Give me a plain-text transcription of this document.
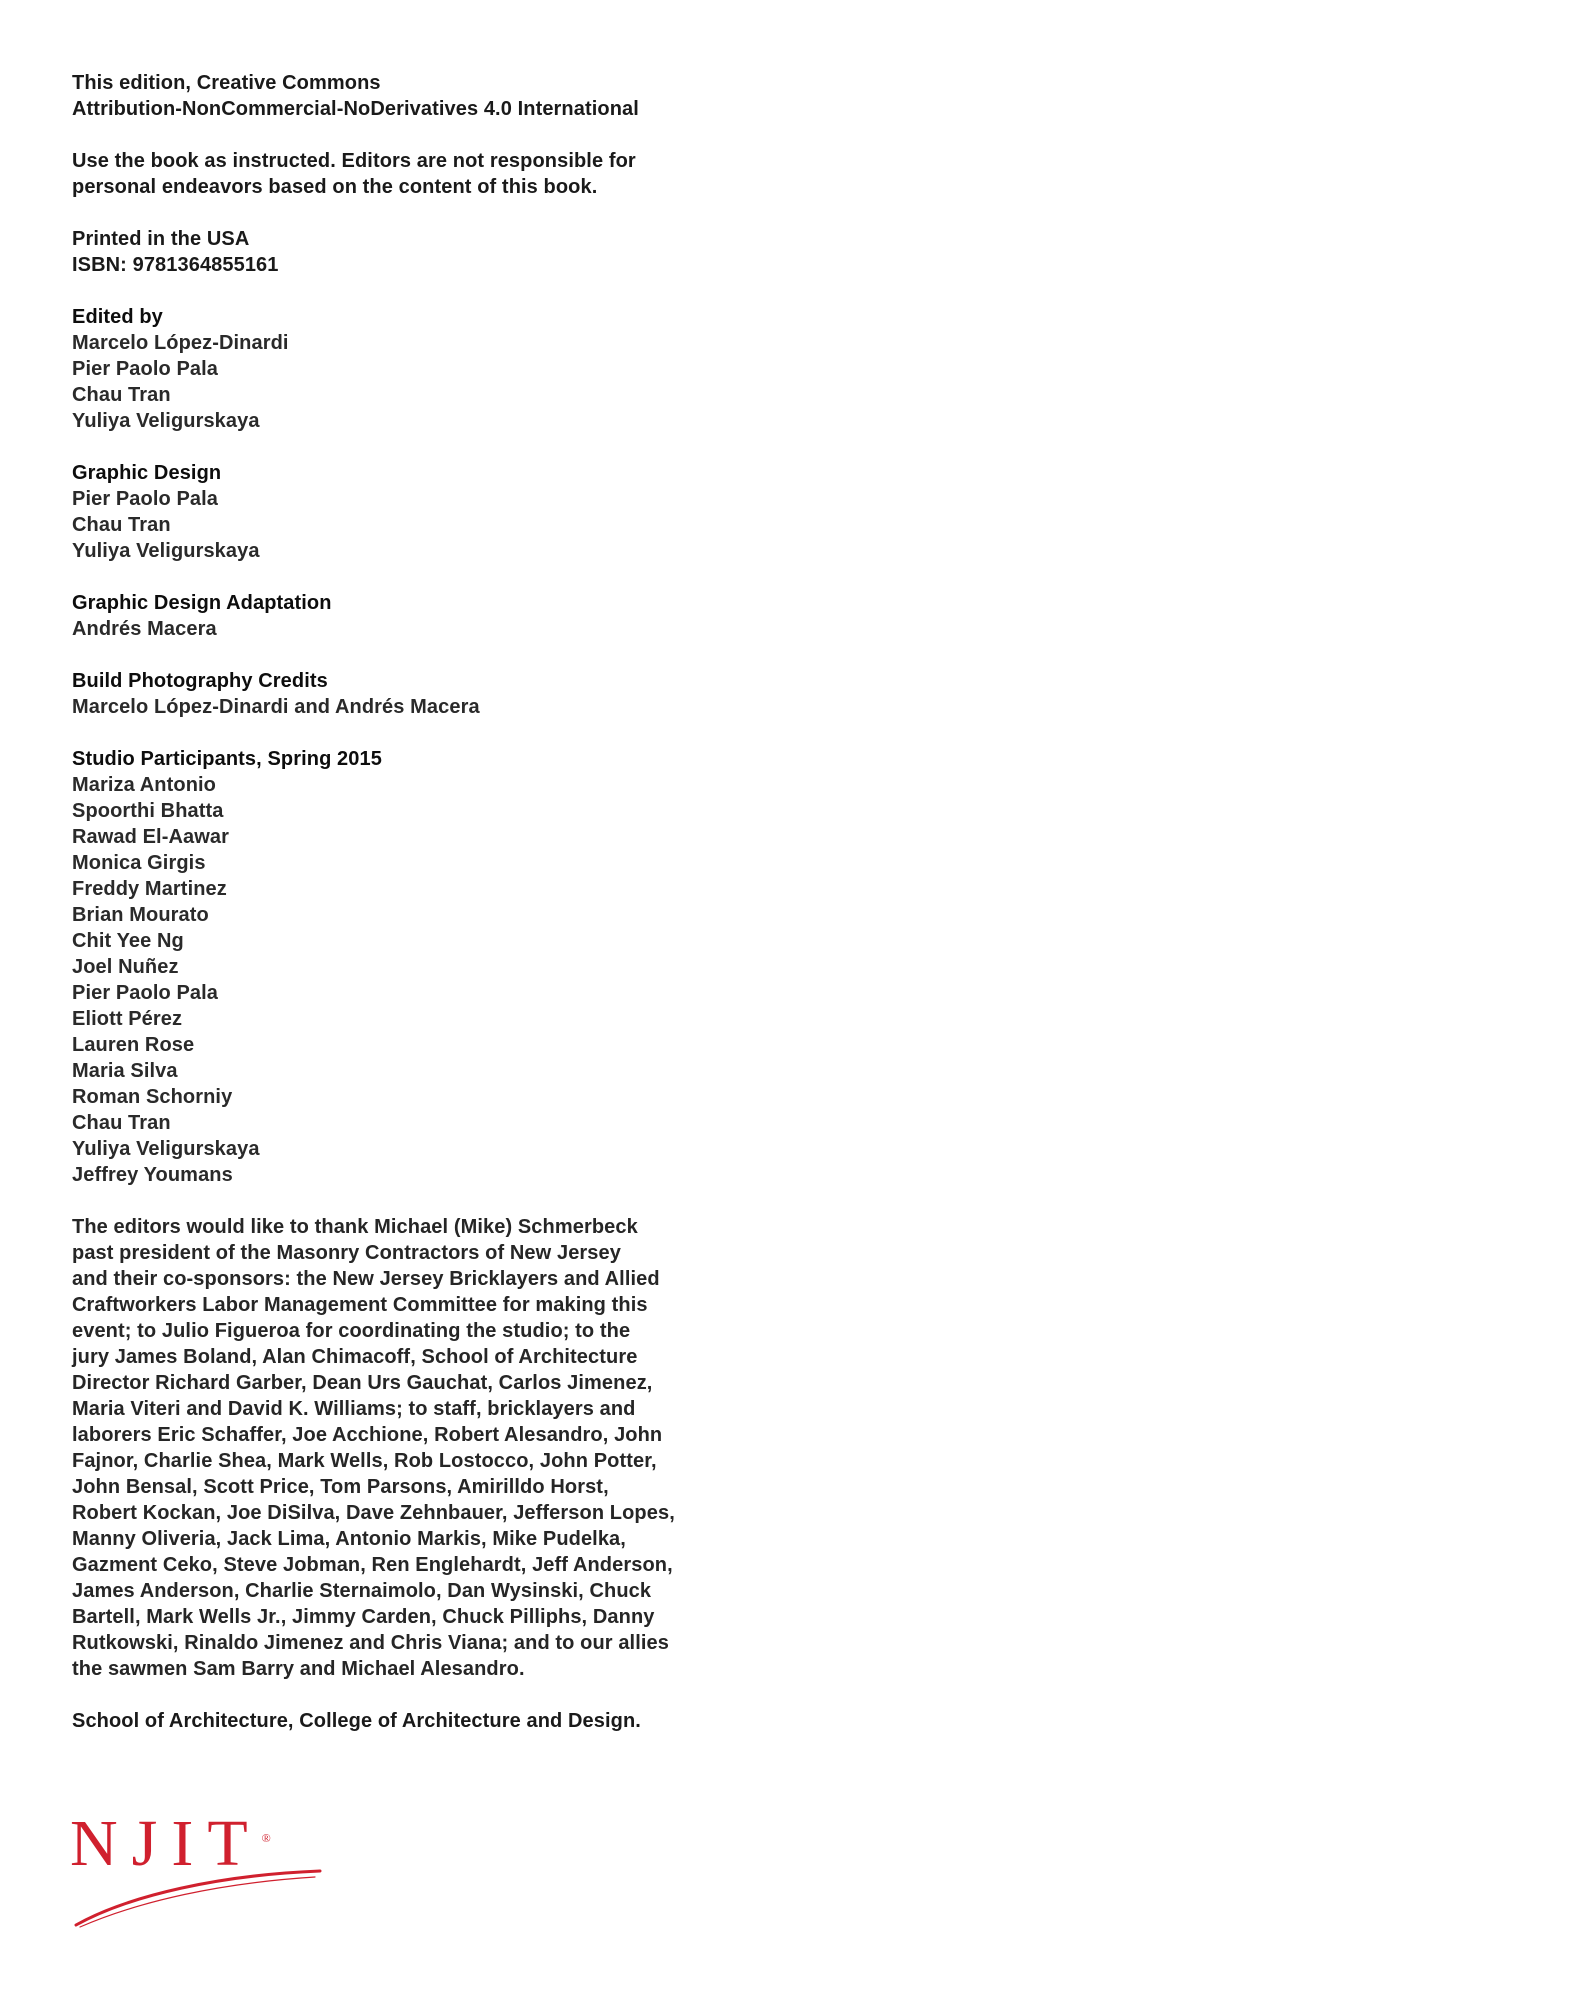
This edition, Creative Commons
Attribution-NonCommercial-NoDerivatives 4.0 International
Use the book as instructed. Editors are not responsible for
personal endeavors based on the content of this book.
Printed in the USA
ISBN: 9781364855161
Edited by
Marcelo López-Dinardi
Pier Paolo Pala
Chau Tran
Yuliya Veligurskaya
Graphic Design
Pier Paolo Pala
Chau Tran
Yuliya Veligurskaya
Graphic Design Adaptation
Andrés Macera
Build Photography Credits
Marcelo López-Dinardi and Andrés Macera
Studio Participants, Spring 2015
Mariza Antonio
Spoorthi Bhatta
Rawad El-Aawar
Monica Girgis
Freddy Martinez
Brian Mourato
Chit Yee Ng
Joel Nuñez
Pier Paolo Pala
Eliott Pérez
Lauren Rose
Maria Silva
Roman Schorniy
Chau Tran
Yuliya Veligurskaya
Jeffrey Youmans
The editors would like to thank Michael (Mike) Schmerbeck
past president of the Masonry Contractors of New Jersey
and their co-sponsors: the New Jersey Bricklayers and Allied
Craftworkers Labor Management Committee for making this
event; to Julio Figueroa for coordinating the studio; to the
jury James Boland, Alan Chimacoff, School of Architecture
Director Richard Garber, Dean Urs Gauchat, Carlos Jimenez,
Maria Viteri and David K. Williams; to staff, bricklayers and
laborers Eric Schaffer, Joe Acchione, Robert Alesandro, John
Fajnor, Charlie Shea, Mark Wells, Rob Lostocco, John Potter,
John Bensal, Scott Price, Tom Parsons, Amirilldo Horst,
Robert Kockan, Joe DiSilva, Dave Zehnbauer, Jefferson Lopes,
Manny Oliveria, Jack Lima, Antonio Markis, Mike Pudelka,
Gazment Ceko, Steve Jobman, Ren Englehardt, Jeff Anderson,
James Anderson, Charlie Sternaimolo, Dan Wysinski, Chuck
Bartell, Mark Wells Jr., Jimmy Carden, Chuck Pilliphs, Danny
Rutkowski, Rinaldo Jimenez and Chris Viana; and to our allies
the sawmen Sam Barry and Michael Alesandro.
School of Architecture, College of Architecture and Design.
NJIT®
